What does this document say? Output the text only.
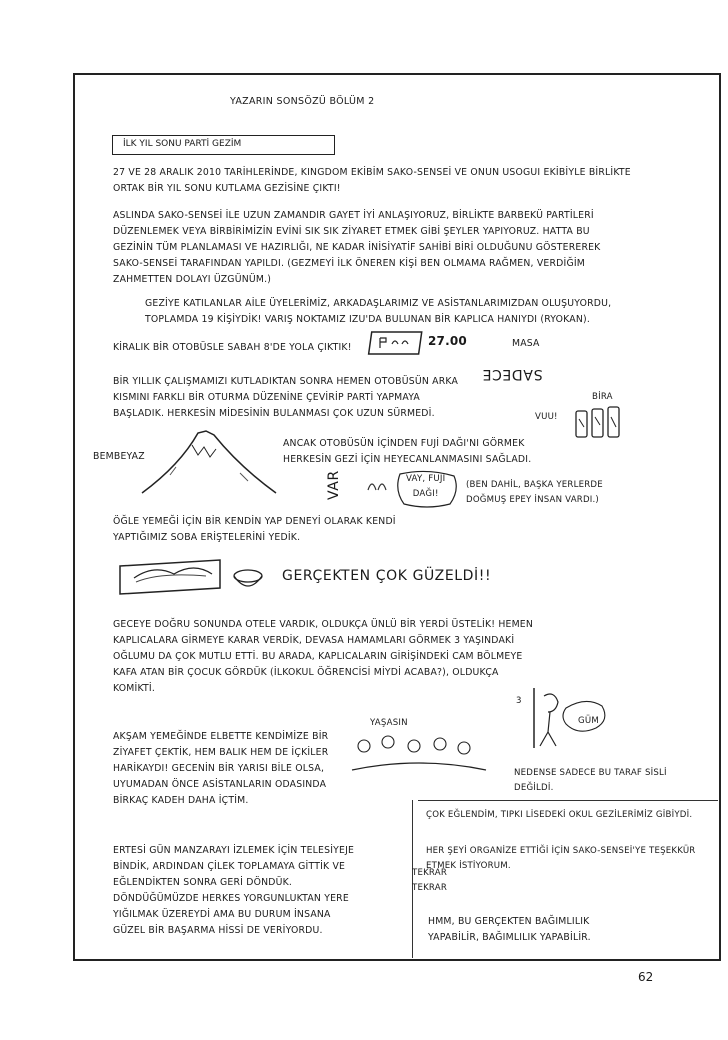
YAZARIN SONSÖZÜ BÖLÜM 2
İLK YIL SONU PARTİ GEZİM
27 VE 28 ARALIK 2010 TARİHLERİNDE, KINGDOM EKİBİM SAKO-SENSEİ VE ONUN USOGUI EKİBİYLE BİRLİKTE
ORTAK BİR YIL SONU KUTLAMA GEZİSİNE ÇIKTI!
ASLINDA SAKO-SENSEİ İLE UZUN ZAMANDIR GAYET İYİ ANLAŞIYORUZ, BİRLİKTE BARBEKÜ PARTİLERİ
DÜZENLEMEK VEYA BİRBİRİMİZİN EVİNİ SIK SIK ZİYARET ETMEK GİBİ ŞEYLER YAPIYORUZ. HATTA BU
GEZİNİN TÜM PLANLAMASI VE HAZIRLIĞI, NE KADAR İNİSİYATİF SAHİBİ BİRİ OLDUĞUNU GÖSTEREREK
SAKO-SENSEİ TARAFINDAN YAPILDI. (GEZMEYİ İLK ÖNEREN KİŞİ BEN OLMAMA RAĞMEN, VERDİĞİM
ZAHMETTEN DOLAYI ÜZGÜNÜM.)
GEZİYE KATILANLAR AİLE ÜYELERİMİZ, ARKADAŞLARIMIZ VE ASİSTANLARIMIZDAN OLUŞUYORDU,
TOPLAMDA 19 KİŞİYDİK! VARIŞ NOKTAMIZ IZU'DA BULUNAN BİR KAPLICA HANIYDI (RYOKAN).
KİRALIK BİR OTOBÜSLE SABAH 8'DE YOLA ÇIKTIK!	27.00	MASA
SADECE
BİR YILLIK ÇALIŞMAMIZI KUTLADIKTAN SONRA HEMEN OTOBÜSÜN ARKA
KISMINI FARKLI BİR OTURMA DÜZENİNE ÇEVİRİP PARTİ YAPMAYA
BAŞLADIK. HERKESİN MİDESİNİN BULANMASI ÇOK UZUN SÜRMEDİ.
BİRA
VUU!
BEMBEYAZ
ANCAK OTOBÜSÜN İÇİNDEN FUJİ DAĞI'NI GÖRMEK
HERKESİN GEZİ İÇİN HEYECANLANMASINI SAĞLADI.
VAR	VAY, FUJİ
DAĞI!
(BEN DAHİL, BAŞKA YERLERDE
DOĞMUŞ EPEY İNSAN VARDI.)
ÖĞLE YEMEĞİ İÇİN BİR KENDİN YAP DENEYİ OLARAK KENDİ
YAPTIĞIMIZ SOBA ERİŞTELERİNİ YEDİK.
GERÇEKTEN ÇOK GÜZELDİ!!
GECEYE DOĞRU SONUNDA OTELE VARDIK, OLDUKÇA ÜNLÜ BİR YERDİ ÜSTELİK! HEMEN
KAPLICALARA GİRMEYE KARAR VERDİK, DEVASA HAMAMLARI GÖRMEK 3 YAŞINDAKİ
OĞLUMU DA ÇOK MUTLU ETTİ. BU ARADA, KAPLICALARIN GİRİŞİNDEKİ CAM BÖLMEYE
KAFA ATAN BİR ÇOCUK GÖRDÜK (İLKOKUL ÖĞRENCİSİ MİYDİ ACABA?), OLDUKÇA
KOMİKTİ.
3
GÜM
YAŞASIN
AKŞAM YEMEĞİNDE ELBETTE KENDİMİZE BİR
ZİYAFET ÇEKTİK, HEM BALIK HEM DE İÇKİLER
HARİKAYDI! GECENİN BİR YARISI BİLE OLSA,
UYUMADAN ÖNCE ASİSTANLARIN ODASINDA
BİRKAÇ KADEH DAHA İÇTİM.
NEDENSE SADECE BU TARAF SİSLİ
DEĞİLDİ.
ÇOK EĞLENDİM, TIPKI LİSEDEKİ OKUL GEZİLERİMİZ GİBİYDİ.
HER ŞEYİ ORGANİZE ETTİĞİ İÇİN SAKO-SENSEİ'YE TEŞEKKÜR
ETMEK İSTİYORUM.
TEKRAR
TEKRAR
HMM, BU GERÇEKTEN BAĞIMLILIK
YAPABİLİR, BAĞIMLILIK YAPABİLİR.
ERTESİ GÜN MANZARAYI İZLEMEK İÇİN TELESİYEJE
BİNDİK, ARDINDAN ÇİLEK TOPLAMAYA GİTTİK VE
EĞLENDİKTEN SONRA GERİ DÖNDÜK.
DÖNDÜĞÜMÜZDE HERKES YORGUNLUKTAN YERE
YIĞILMAK ÜZEREYDİ AMA BU DURUM İNSANA
GÜZEL BİR BAŞARMA HİSSİ DE VERİYORDU.
62
